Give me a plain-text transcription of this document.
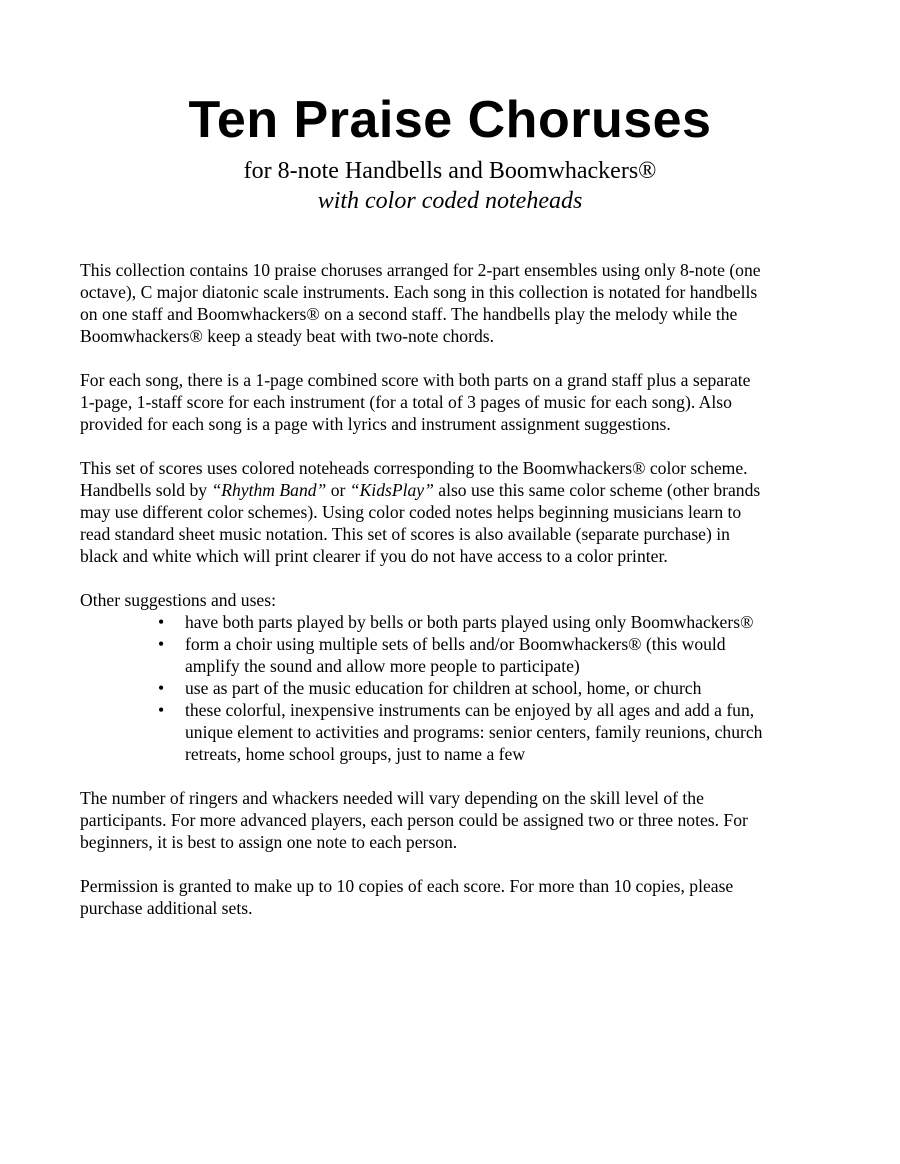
Ten Praise Choruses
for 8-note Handbells and Boomwhackers®
with color coded noteheads

This collection contains 10 praise choruses arranged for 2-part ensembles using only 8-note (one
octave), C major diatonic scale instruments. Each song in this collection is notated for handbells
on one staff and Boomwhackers® on a second staff. The handbells play the melody while the
Boomwhackers® keep a steady beat with two-note chords.

For each song, there is a 1-page combined score with both parts on a grand staff plus a separate
1-page, 1-staff score for each instrument (for a total of 3 pages of music for each song). Also
provided for each song is a page with lyrics and instrument assignment suggestions.

This set of scores uses colored noteheads corresponding to the Boomwhackers® color scheme.
Handbells sold by “Rhythm Band” or “KidsPlay” also use this same color scheme (other brands
may use different color schemes). Using color coded notes helps beginning musicians learn to
read standard sheet music notation. This set of scores is also available (separate purchase) in
black and white which will print clearer if you do not have access to a color printer.

Other suggestions and uses:
• have both parts played by bells or both parts played using only Boomwhackers®
• form a choir using multiple sets of bells and/or Boomwhackers® (this would
amplify the sound and allow more people to participate)
• use as part of the music education for children at school, home, or church
• these colorful, inexpensive instruments can be enjoyed by all ages and add a fun,
unique element to activities and programs: senior centers, family reunions, church
retreats, home school groups, just to name a few

The number of ringers and whackers needed will vary depending on the skill level of the
participants. For more advanced players, each person could be assigned two or three notes. For
beginners, it is best to assign one note to each person.

Permission is granted to make up to 10 copies of each score. For more than 10 copies, please
purchase additional sets.
